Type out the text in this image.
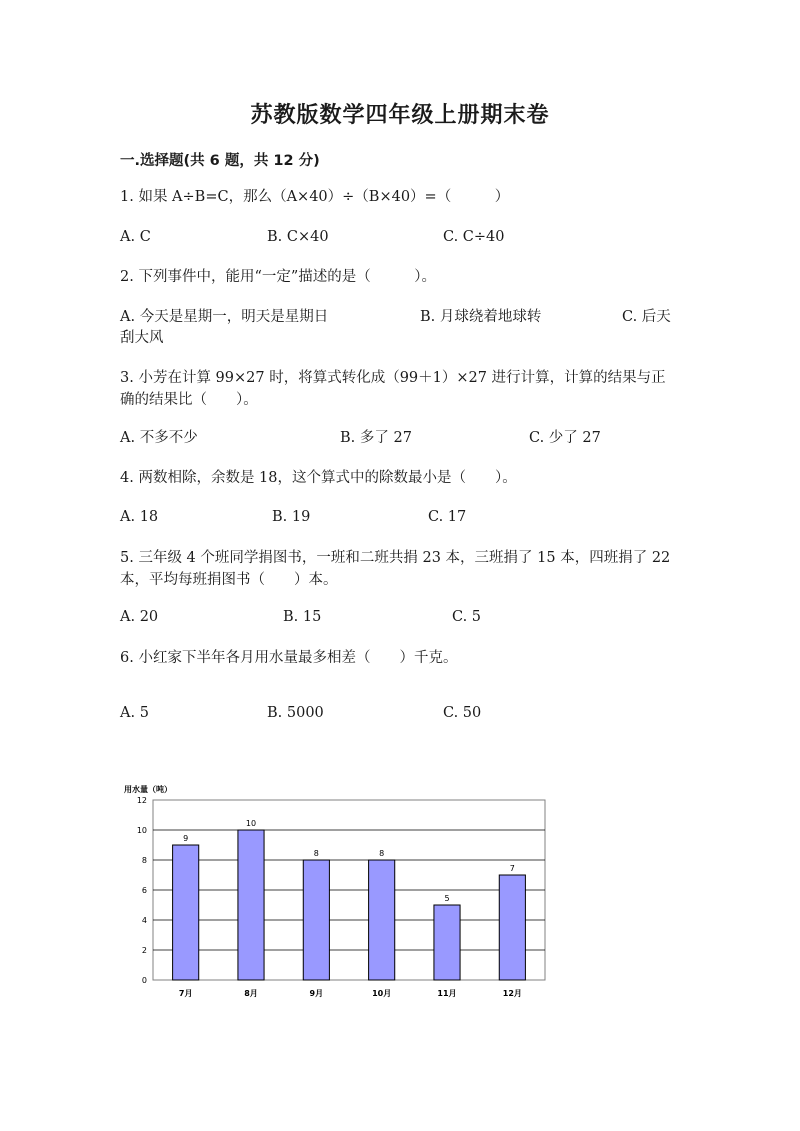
苏教版数学四年级上册期末卷
一.选择题(共 6 题，共 12 分)
1. 如果 A÷B=C，那么（A×40）÷（B×40）=（　　　）
A. C	B. C×40	C. C÷40
2. 下列事件中，能用“一定”描述的是（　　　）。
A. 今天是星期一，明天是星期日	B. 月球绕着地球转	C. 后天
刮大风
3. 小芳在计算 99×27 时，将算式转化成（99＋1）×27 进行计算，计算的结果与正确的结果比（　　）。
A. 不多不少	B. 多了 27	C. 少了 27
4. 两数相除，余数是 18，这个算式中的除数最小是（　　）。
A. 18	B. 19	C. 17
5. 三年级 4 个班同学捐图书，一班和二班共捐 23 本，三班捐了 15 本，四班捐了 22 本，平均每班捐图书（　　）本。
A. 20	B. 15	C. 5
6. 小红家下半年各月用水量最多相差（　　）千克。
A. 5	B. 5000	C. 50
用水量（吨）
0
2
4
6
8
10
12
9
7月
10
8月
8
9月
8
10月
5
11月
7
12月
